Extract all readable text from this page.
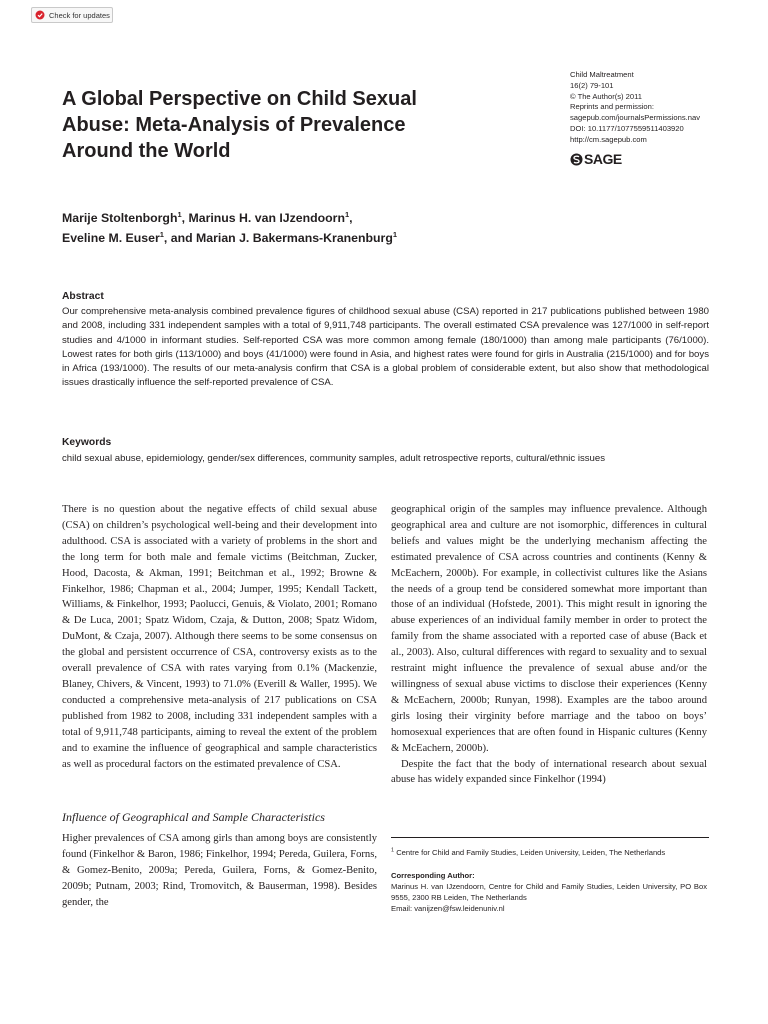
Check for updates
A Global Perspective on Child Sexual Abuse: Meta-Analysis of Prevalence Around the World
Child Maltreatment
16(2) 79-101
© The Author(s) 2011
Reprints and permission:
sagepub.com/journalsPermissions.nav
DOI: 10.1177/1077559511403920
http://cm.sagepub.com
SAGE
Marije Stoltenborgh$^1$, Marinus H. van IJzendoorn$^1$,
Eveline M. Euser$^1$, and Marian J. Bakermans-Kranenburg$^1$
Abstract
Our comprehensive meta-analysis combined prevalence figures of childhood sexual abuse (CSA) reported in 217 publications published between 1980 and 2008, including 331 independent samples with a total of 9,911,748 participants. The overall estimated CSA prevalence was 127/1000 in self-report studies and 4/1000 in informant studies. Self-reported CSA was more common among female (180/1000) than among male participants (76/1000). Lowest rates for both girls (113/1000) and boys (41/1000) were found in Asia, and highest rates were found for girls in Australia (215/1000) and for boys in Africa (193/1000). The results of our meta-analysis confirm that CSA is a global problem of considerable extent, but also show that methodological issues drastically influence the self-reported prevalence of CSA.
Keywords
child sexual abuse, epidemiology, gender/sex differences, community samples, adult retrospective reports, cultural/ethnic issues
There is no question about the negative effects of child sexual abuse (CSA) on children’s psychological well-being and their development into adulthood. CSA is associated with a variety of problems in the short and the long term for both male and female victims (Beitchman, Zucker, Hood, Dacosta, & Akman, 1991; Beitchman et al., 1992; Browne & Finkelhor, 1986; Chapman et al., 2004; Jumper, 1995; Kendall Tackett, Williams, & Finkelhor, 1993; Paolucci, Genuis, & Violato, 2001; Romano & De Luca, 2001; Spatz Widom, Czaja, & Dutton, 2008; Spatz Widom, DuMont, & Czaja, 2007). Although there seems to be some consensus on the global and persistent occurrence of CSA, controversy exists as to the overall prevalence of CSA with rates varying from 0.1% (Mackenzie, Blaney, Chivers, & Vincent, 1993) to 71.0% (Everill & Waller, 1995). We conducted a comprehensive meta-analysis of 217 publications on CSA published from 1982 to 2008, including 331 independent samples with a total of 9,911,748 participants, aiming to reveal the extent of the problem and to examine the influence of geographical and sample characteristics as well as procedural factors on the estimated prevalence of CSA.
Influence of Geographical and Sample Characteristics
Higher prevalences of CSA among girls than among boys are consistently found (Finkelhor & Baron, 1986; Finkelhor, 1994; Pereda, Guilera, Forns, & Gomez-Benito, 2009a; Pereda, Guilera, Forns, & Gomez-Benito, 2009b; Putnam, 2003; Rind, Tromovitch, & Bauserman, 1998). Besides gender, the
geographical origin of the samples may influence prevalence. Although geographical area and culture are not isomorphic, differences in cultural beliefs and values might be the underlying mechanism affecting the estimated prevalence of CSA across countries and continents (Kenny & McEachern, 2000b). For example, in collectivist cultures like the Asians the needs of a group tend be considered somewhat more important than those of an individual (Hofstede, 2001). This might result in ignoring the abuse experiences of an individual family member in order to protect the family from the shame associated with a reported case of abuse (Back et al., 2003). Also, cultural differences with regard to sexuality and to sexual restraint might influence the prevalence of sexual abuse and/or the willingness of sexual abuse victims to disclose their experiences (Kenny & McEachern, 2000b; Runyan, 1998). Examples are the taboo around girls losing their virginity before marriage and the taboo on boys’ homosexual experiences that are often found in Hispanic cultures (Kenny & McEachern, 2000b).
Despite the fact that the body of international research about sexual abuse has widely expanded since Finkelhor (1994)
$^1$ Centre for Child and Family Studies, Leiden University, Leiden, The Netherlands
Corresponding Author:
Marinus H. van IJzendoorn, Centre for Child and Family Studies, Leiden University, PO Box 9555, 2300 RB Leiden, The Netherlands
Email: vanijzen@fsw.leidenuniv.nl
